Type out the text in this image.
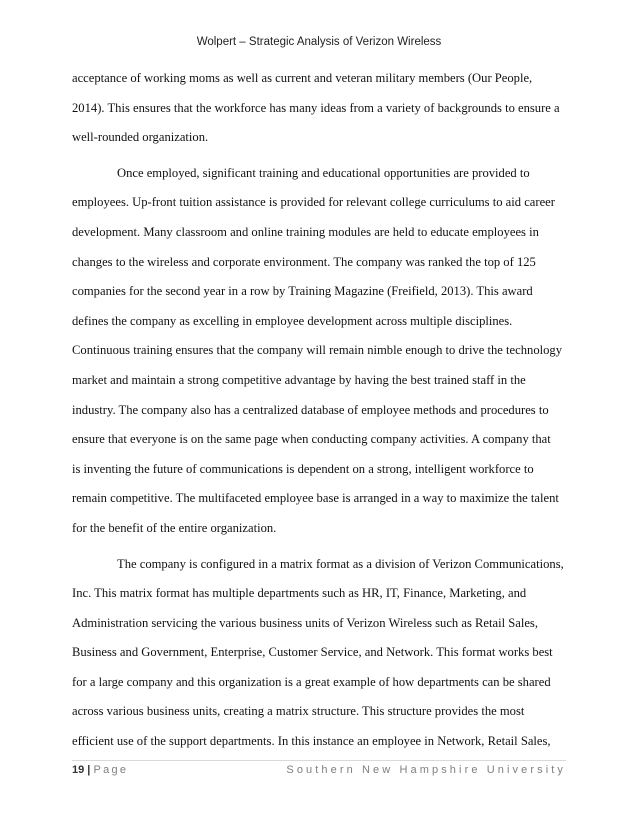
Wolpert – Strategic Analysis of Verizon Wireless
acceptance of working moms as well as current and veteran military members (Our People,
2014). This ensures that the workforce has many ideas from a variety of backgrounds to ensure a
well-rounded organization.
Once employed, significant training and educational opportunities are provided to
employees. Up-front tuition assistance is provided for relevant college curriculums to aid career
development. Many classroom and online training modules are held to educate employees in
changes to the wireless and corporate environment. The company was ranked the top of 125
companies for the second year in a row by Training Magazine (Freifield, 2013). This award
defines the company as excelling in employee development across multiple disciplines.
Continuous training ensures that the company will remain nimble enough to drive the technology
market and maintain a strong competitive advantage by having the best trained staff in the
industry. The company also has a centralized database of employee methods and procedures to
ensure that everyone is on the same page when conducting company activities. A company that
is inventing the future of communications is dependent on a strong, intelligent workforce to
remain competitive. The multifaceted employee base is arranged in a way to maximize the talent
for the benefit of the entire organization.
The company is configured in a matrix format as a division of Verizon Communications,
Inc. This matrix format has multiple departments such as HR, IT, Finance, Marketing, and
Administration servicing the various business units of Verizon Wireless such as Retail Sales,
Business and Government, Enterprise, Customer Service, and Network. This format works best
for a large company and this organization is a great example of how departments can be shared
across various business units, creating a matrix structure. This structure provides the most
efficient use of the support departments. In this instance an employee in Network, Retail Sales,
19 | Page	Southern New Hampshire University
